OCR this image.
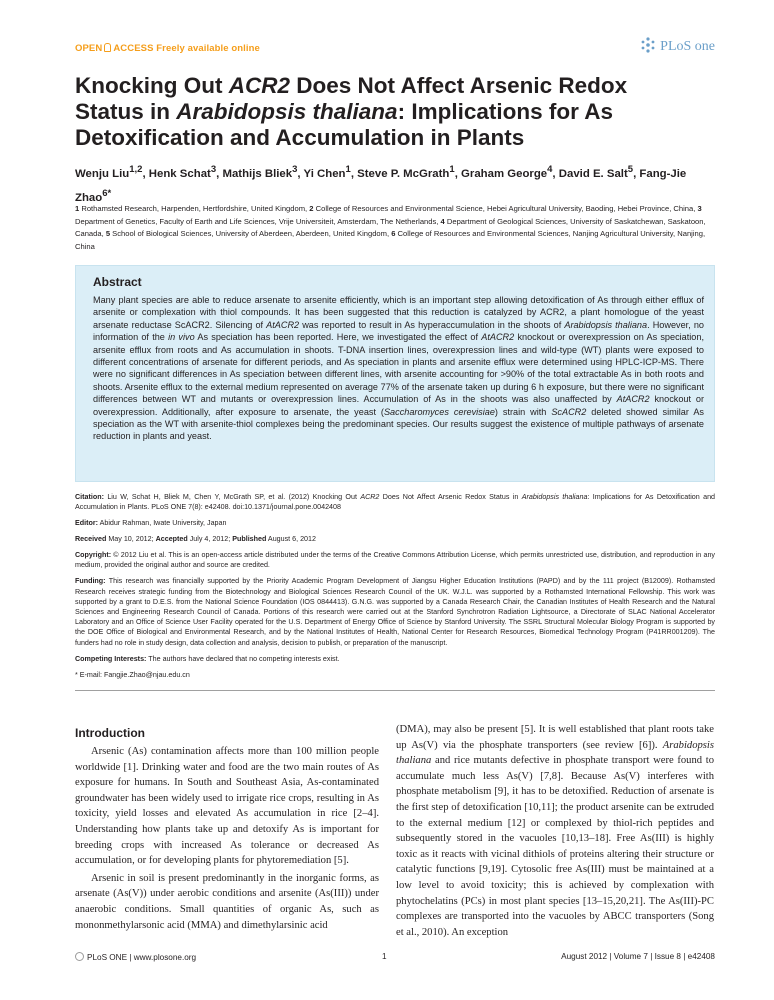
OPEN ACCESS Freely available online	PLoS one
Knocking Out ACR2 Does Not Affect Arsenic Redox Status in Arabidopsis thaliana: Implications for As Detoxification and Accumulation in Plants
Wenju Liu$^{1,2}$, Henk Schat$^3$, Mathijs Bliek$^3$, Yi Chen$^1$, Steve P. McGrath$^1$, Graham George$^4$, David E. Salt$^5$, Fang-Jie Zhao$^{6*}$
1 Rothamsted Research, Harpenden, Hertfordshire, United Kingdom, 2 College of Resources and Environmental Science, Hebei Agricultural University, Baoding, Hebei Province, China, 3 Department of Genetics, Faculty of Earth and Life Sciences, Vrije Universiteit, Amsterdam, The Netherlands, 4 Department of Geological Sciences, University of Saskatchewan, Saskatoon, Canada, 5 School of Biological Sciences, University of Aberdeen, Aberdeen, United Kingdom, 6 College of Resources and Environmental Sciences, Nanjing Agricultural University, Nanjing, China
Abstract

Many plant species are able to reduce arsenate to arsenite efficiently, which is an important step allowing detoxification of As through either efflux of arsenite or complexation with thiol compounds. It has been suggested that this reduction is catalyzed by ACR2, a plant homologue of the yeast arsenate reductase ScACR2. Silencing of AtACR2 was reported to result in As hyperaccumulation in the shoots of Arabidopsis thaliana. However, no information of the in vivo As speciation has been reported. Here, we investigated the effect of AtACR2 knockout or overexpression on As speciation, arsenite efflux from roots and As accumulation in shoots. T-DNA insertion lines, overexpression lines and wild-type (WT) plants were exposed to different concentrations of arsenate for different periods, and As speciation in plants and arsenite efflux were determined using HPLC-ICP-MS. There were no significant differences in As speciation between different lines, with arsenite accounting for >90% of the total extractable As in both roots and shoots. Arsenite efflux to the external medium represented on average 77% of the arsenate taken up during 6 h exposure, but there were no significant differences between WT and mutants or overexpression lines. Accumulation of As in the shoots was also unaffected by AtACR2 knockout or overexpression. Additionally, after exposure to arsenate, the yeast (Saccharomyces cerevisiae) strain with ScACR2 deleted showed similar As speciation as the WT with arsenite-thiol complexes being the predominant species. Our results suggest the existence of multiple pathways of arsenate reduction in plants and yeast.

Citation: Liu W, Schat H, Bliek M, Chen Y, McGrath SP, et al. (2012) Knocking Out ACR2 Does Not Affect Arsenic Redox Status in Arabidopsis thaliana: Implications for As Detoxification and Accumulation in Plants. PLoS ONE 7(8): e42408. doi:10.1371/journal.pone.0042408

Editor: Abidur Rahman, Iwate University, Japan

Received May 10, 2012; Accepted July 4, 2012; Published August 6, 2012

Copyright: © 2012 Liu et al. This is an open-access article distributed under the terms of the Creative Commons Attribution License, which permits unrestricted use, distribution, and reproduction in any medium, provided the original author and source are credited.

Funding: This research was financially supported by the Priority Academic Program Development of Jiangsu Higher Education Institutions (PAPD) and by the 111 project (B12009). Rothamsted Research receives strategic funding from the Biotechnology and Biological Sciences Research Council of the UK. W.J.L. was supported by a Rothamsted International Fellowship. This work was supported by a grant to D.E.S. from the National Science Foundation (IOS 0844413). G.N.G. was supported by a Canada Research Chair, the Canadian Institutes of Health Research and the Natural Sciences and Engineering Research Council of Canada. Portions of this research were carried out at the Stanford Synchrotron Radiation Lightsource, a Directorate of SLAC National Accelerator Laboratory and an Office of Science User Facility operated for the U.S. Department of Energy Office of Science by Stanford University. The SSRL Structural Molecular Biology Program is supported by the DOE Office of Biological and Environmental Research, and by the National Institutes of Health, National Center for Research Resources, Biomedical Technology Program (P41RR001209). The funders had no role in study design, data collection and analysis, decision to publish, or preparation of the manuscript.

Competing Interests: The authors have declared that no competing interests exist.

* E-mail: Fangjie.Zhao@njau.edu.cn

Introduction

Arsenic (As) contamination affects more than 100 million people worldwide [1]. Drinking water and food are the two main routes of As exposure for humans. In South and Southeast Asia, As-contaminated groundwater has been widely used to irrigate rice crops, resulting in As toxicity, yield losses and elevated As accumulation in rice [2–4]. Understanding how plants take up and detoxify As is important for breeding crops with increased As tolerance or decreased As accumulation, or for developing plants for phytoremediation [5].

Arsenic in soil is present predominantly in the inorganic forms, as arsenate (As(V)) under aerobic conditions and arsenite (As(III)) under anaerobic conditions. Small quantities of organic As, such as mononmethylarsonic acid (MMA) and dimethylarsinic acid

(DMA), may also be present [5]. It is well established that plant roots take up As(V) via the phosphate transporters (see review [6]). Arabidopsis thaliana and rice mutants defective in phosphate transport were found to accumulate much less As(V) [7,8]. Because As(V) interferes with phosphate metabolism [9], it has to be detoxified. Reduction of arsenate is the first step of detoxification [10,11]; the product arsenite can be extruded to the external medium [12] or complexed by thiol-rich peptides and subsequently stored in the vacuoles [10,13–18]. Free As(III) is highly toxic as it reacts with vicinal dithiols of proteins altering their structure or catalytic functions [9,19]. Cytosolic free As(III) must be maintained at a low level to avoid toxicity; this is achieved by complexation with phytochelatins (PCs) in most plant species [13–15,20,21]. The As(III)-PC complexes are transported into the vacuoles by ABCC transporters (Song et al., 2010). An exception

PLoS ONE | www.plosone.org	1	August 2012 | Volume 7 | Issue 8 | e42408
